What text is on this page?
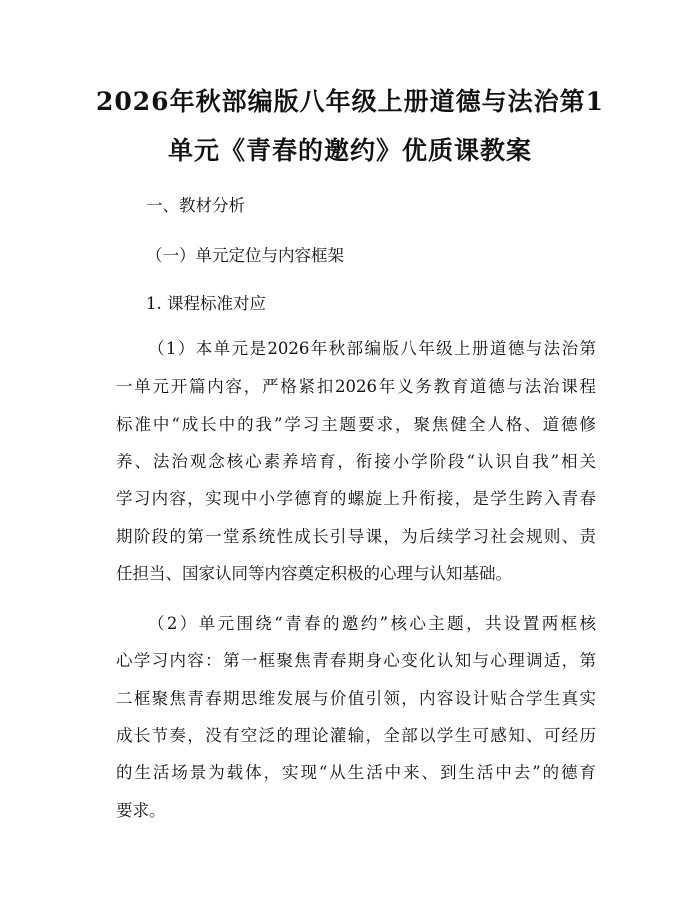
2026年秋部编版八年级上册道德与法治第1
单元《青春的邀约》优质课教案
一、教材分析
（一）单元定位与内容框架
1. 课程标准对应
（1）本单元是2026年秋部编版八年级上册道德与法治第
一单元开篇内容，严格紧扣2026年义务教育道德与法治课程
标准中“成长中的我”学习主题要求，聚焦健全人格、道德修
养、法治观念核心素养培育，衔接小学阶段“认识自我”相关
学习内容，实现中小学德育的螺旋上升衔接，是学生跨入青春
期阶段的第一堂系统性成长引导课，为后续学习社会规则、责
任担当、国家认同等内容奠定积极的心理与认知基础。
（2）单元围绕“青春的邀约”核心主题，共设置两框核
心学习内容：第一框聚焦青春期身心变化认知与心理调适，第
二框聚焦青春期思维发展与价值引领，内容设计贴合学生真实
成长节奏，没有空泛的理论灌输，全部以学生可感知、可经历
的生活场景为载体，实现“从生活中来、到生活中去”的德育
要求。
